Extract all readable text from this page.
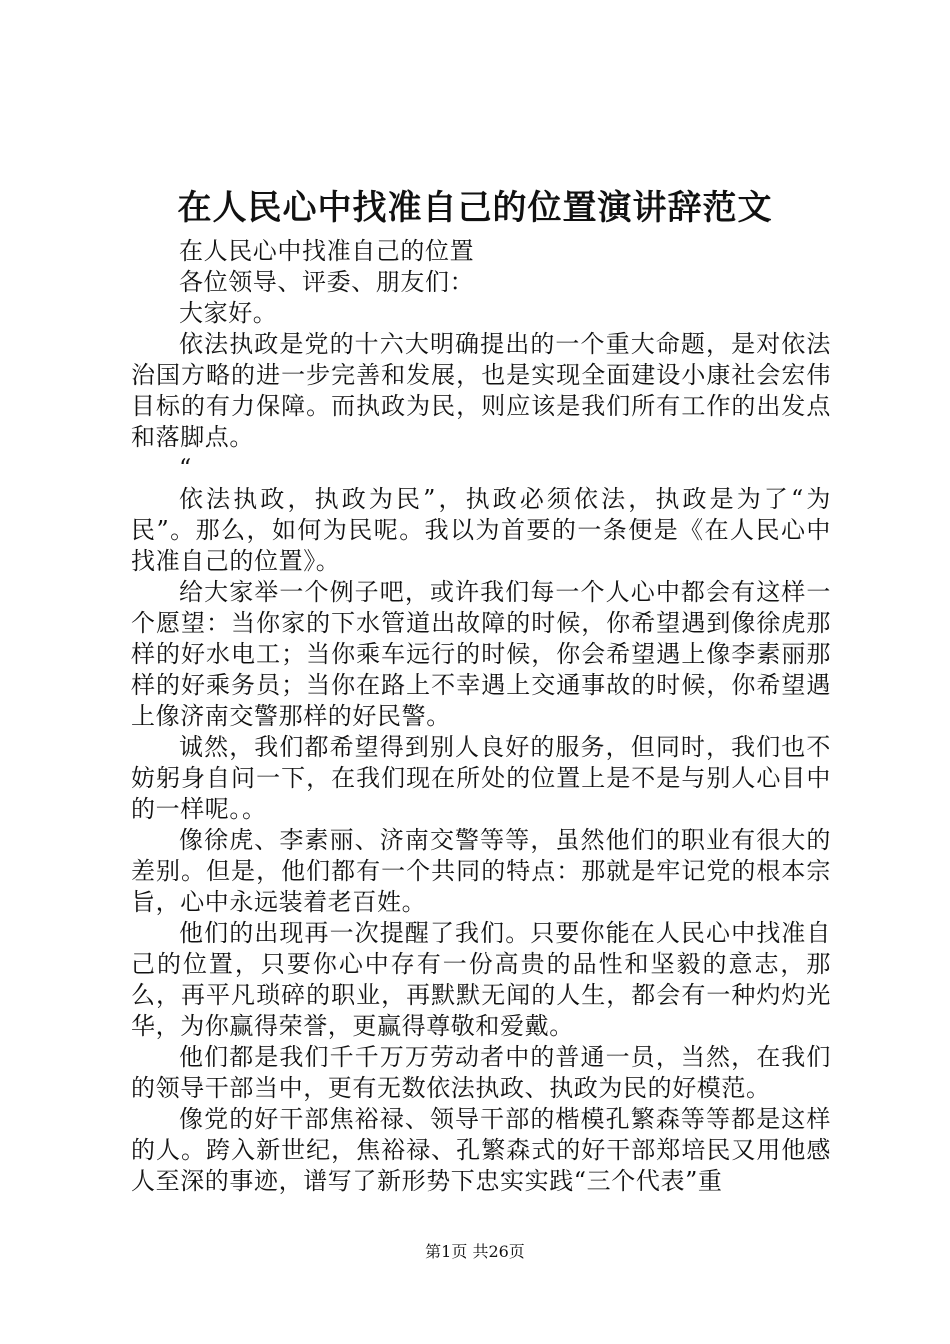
在人民心中找准自己的位置演讲辞范文

在人民心中找准自己的位置

各位领导、评委、朋友们：

大家好。

依法执政是党的十六大明确提出的一个重大命题，是对依法治国方略的进一步完善和发展，也是实现全面建设小康社会宏伟目标的有力保障。而执政为民，则应该是我们所有工作的出发点和落脚点。

“

依法执政，执政为民”，执政必须依法，执政是为了“为民”。那么，如何为民呢。我以为首要的一条便是《在人民心中找准自己的位置》。

给大家举一个例子吧，或许我们每一个人心中都会有这样一个愿望：当你家的下水管道出故障的时候，你希望遇到像徐虎那样的好水电工；当你乘车远行的时候，你会希望遇上像李素丽那样的好乘务员；当你在路上不幸遇上交通事故的时候，你希望遇上像济南交警那样的好民警。

诚然，我们都希望得到别人良好的服务，但同时，我们也不妨躬身自问一下，在我们现在所处的位置上是不是与别人心目中的一样呢。。

像徐虎、李素丽、济南交警等等，虽然他们的职业有很大的差别。但是，他们都有一个共同的特点：那就是牢记党的根本宗旨，心中永远装着老百姓。

他们的出现再一次提醒了我们。只要你能在人民心中找准自己的位置，只要你心中存有一份高贵的品性和坚毅的意志，那么，再平凡琐碎的职业，再默默无闻的人生，都会有一种灼灼光华，为你赢得荣誉，更赢得尊敬和爱戴。

他们都是我们千千万万劳动者中的普通一员，当然，在我们的领导干部当中，更有无数依法执政、执政为民的好模范。

像党的好干部焦裕禄、领导干部的楷模孔繁森等等都是这样的人。跨入新世纪，焦裕禄、孔繁森式的好干部郑培民又用他感人至深的事迹，谱写了新形势下忠实实践“三个代表”重

第1页 共26页
